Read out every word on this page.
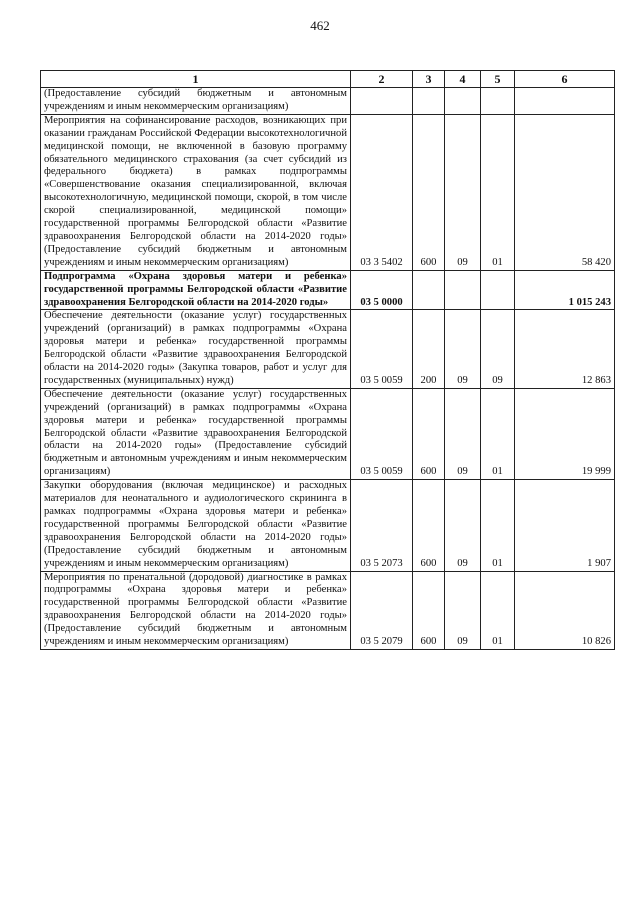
462
1	2	3	4	5	6
(Предоставление субсидий бюджетным и автономным учреждениям и иным некоммерческим организациям)					
Мероприятия на софинансирование расходов, возникающих при оказании гражданам Российской Федерации высокотехнологичной медицинской помощи, не включенной в базовую программу обязательного медицинского страхования (за счет субсидий из федерального бюджета) в рамках подпрограммы «Совершенствование оказания специализированной, включая высокотехнологичную, медицинской помощи, скорой, в том числе скорой специализированной, медицинской помощи» государственной программы Белгородской области «Развитие здравоохранения Белгородской области на 2014-2020 годы» (Предоставление субсидий бюджетным и автономным учреждениям и иным некоммерческим организациям)	03 3 5402	600	09	01	58 420
Подпрограмма «Охрана здоровья матери и ребенка» государственной программы Белгородской области «Развитие здравоохранения Белгородской области на 2014-2020 годы»	03 5 0000				1 015 243
Обеспечение деятельности (оказание услуг) государственных учреждений (организаций) в рамках подпрограммы «Охрана здоровья матери и ребенка» государственной программы Белгородской области «Развитие здравоохранения Белгородской области на 2014-2020 годы» (Закупка товаров, работ и услуг для государственных (муниципальных) нужд)	03 5 0059	200	09	09	12 863
Обеспечение деятельности (оказание услуг) государственных учреждений (организаций) в рамках подпрограммы «Охрана здоровья матери и ребенка» государственной программы Белгородской области «Развитие здравоохранения Белгородской области на 2014-2020 годы» (Предоставление субсидий бюджетным и автономным учреждениям и иным некоммерческим организациям)	03 5 0059	600	09	01	19 999
Закупки оборудования (включая медицинское) и расходных материалов для неонатального и аудиологического скрининга в рамках подпрограммы «Охрана здоровья матери и ребенка» государственной программы Белгородской области «Развитие здравоохранения Белгородской области на 2014-2020 годы» (Предоставление субсидий бюджетным и автономным учреждениям и иным некоммерческим организациям)	03 5 2073	600	09	01	1 907
Мероприятия по пренатальной (дородовой) диагностике в рамках подпрограммы «Охрана здоровья матери и ребенка» государственной программы Белгородской области «Развитие здравоохранения Белгородской области на 2014-2020 годы» (Предоставление субсидий бюджетным и автономным учреждениям и иным некоммерческим организациям)	03 5 2079	600	09	01	10 826
